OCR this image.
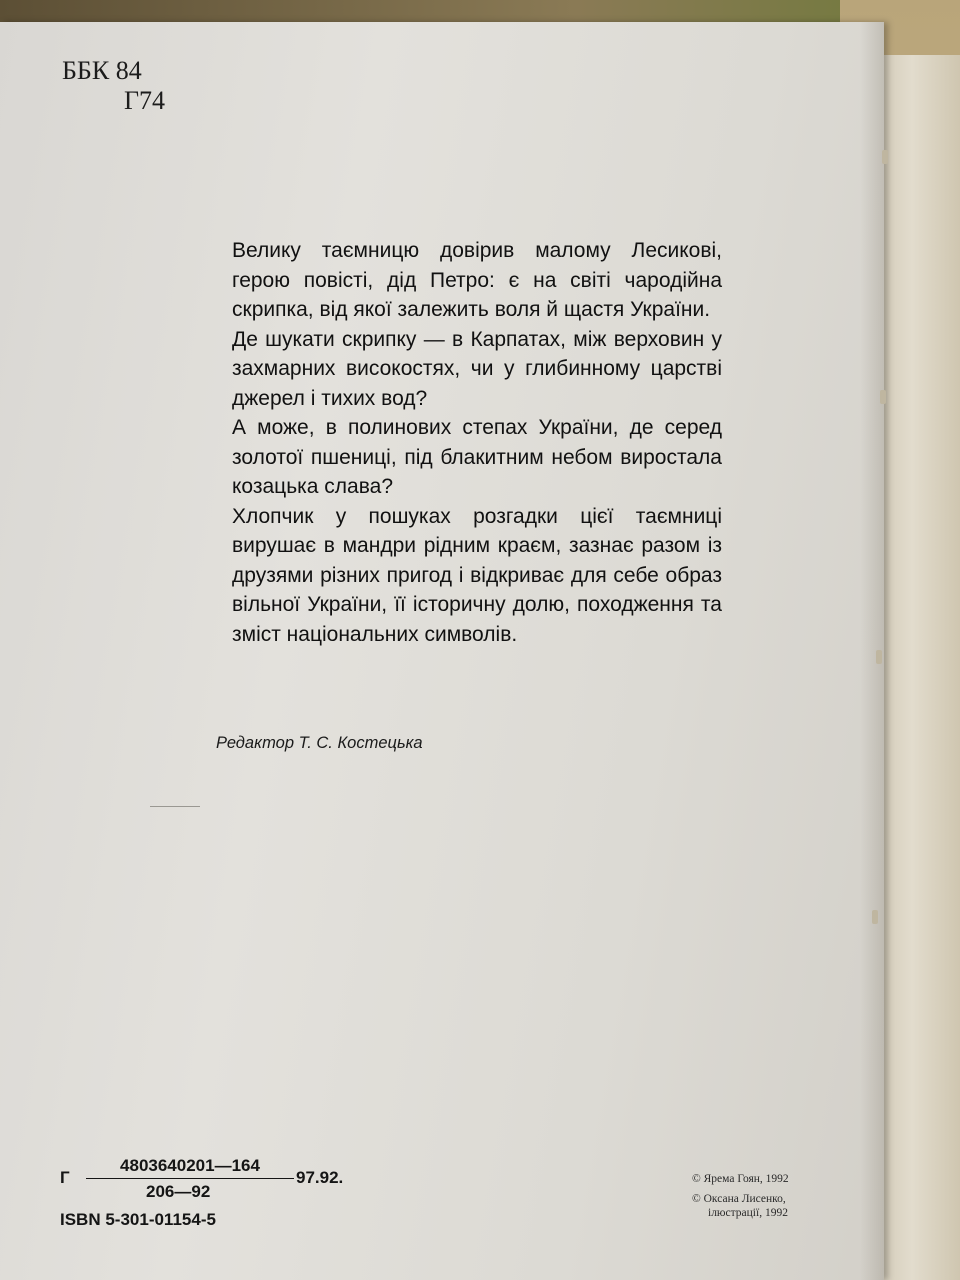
ББК 84
Г74

Велику таємницю довірив малому Лесикові, герою повісті, дід Петро: є на світі чародійна скрипка, від якої залежить воля й щастя України.

Де шукати скрипку — в Карпатах, між верховин у захмарних високостях, чи у глибинному царстві джерел і тихих вод?

А може, в полинових степах України, де серед золотої пшениці, під блакитним небом виростала козацька слава?

Хлопчик у пошуках розгадки цієї таємниці вирушає в мандри рідним краєм, зазнає разом із друзями різних пригод і відкриває для себе образ вільної України, її історичну долю, походження та зміст національних символів.

Редактор Т. С. Костецька
Г $\frac{4803640201—164}{206—92} 97.92$.
ISBN 5-301-01154-5
© Ярема Гоян, 1992
© Оксана Лисенко,
ілюстрації, 1992
